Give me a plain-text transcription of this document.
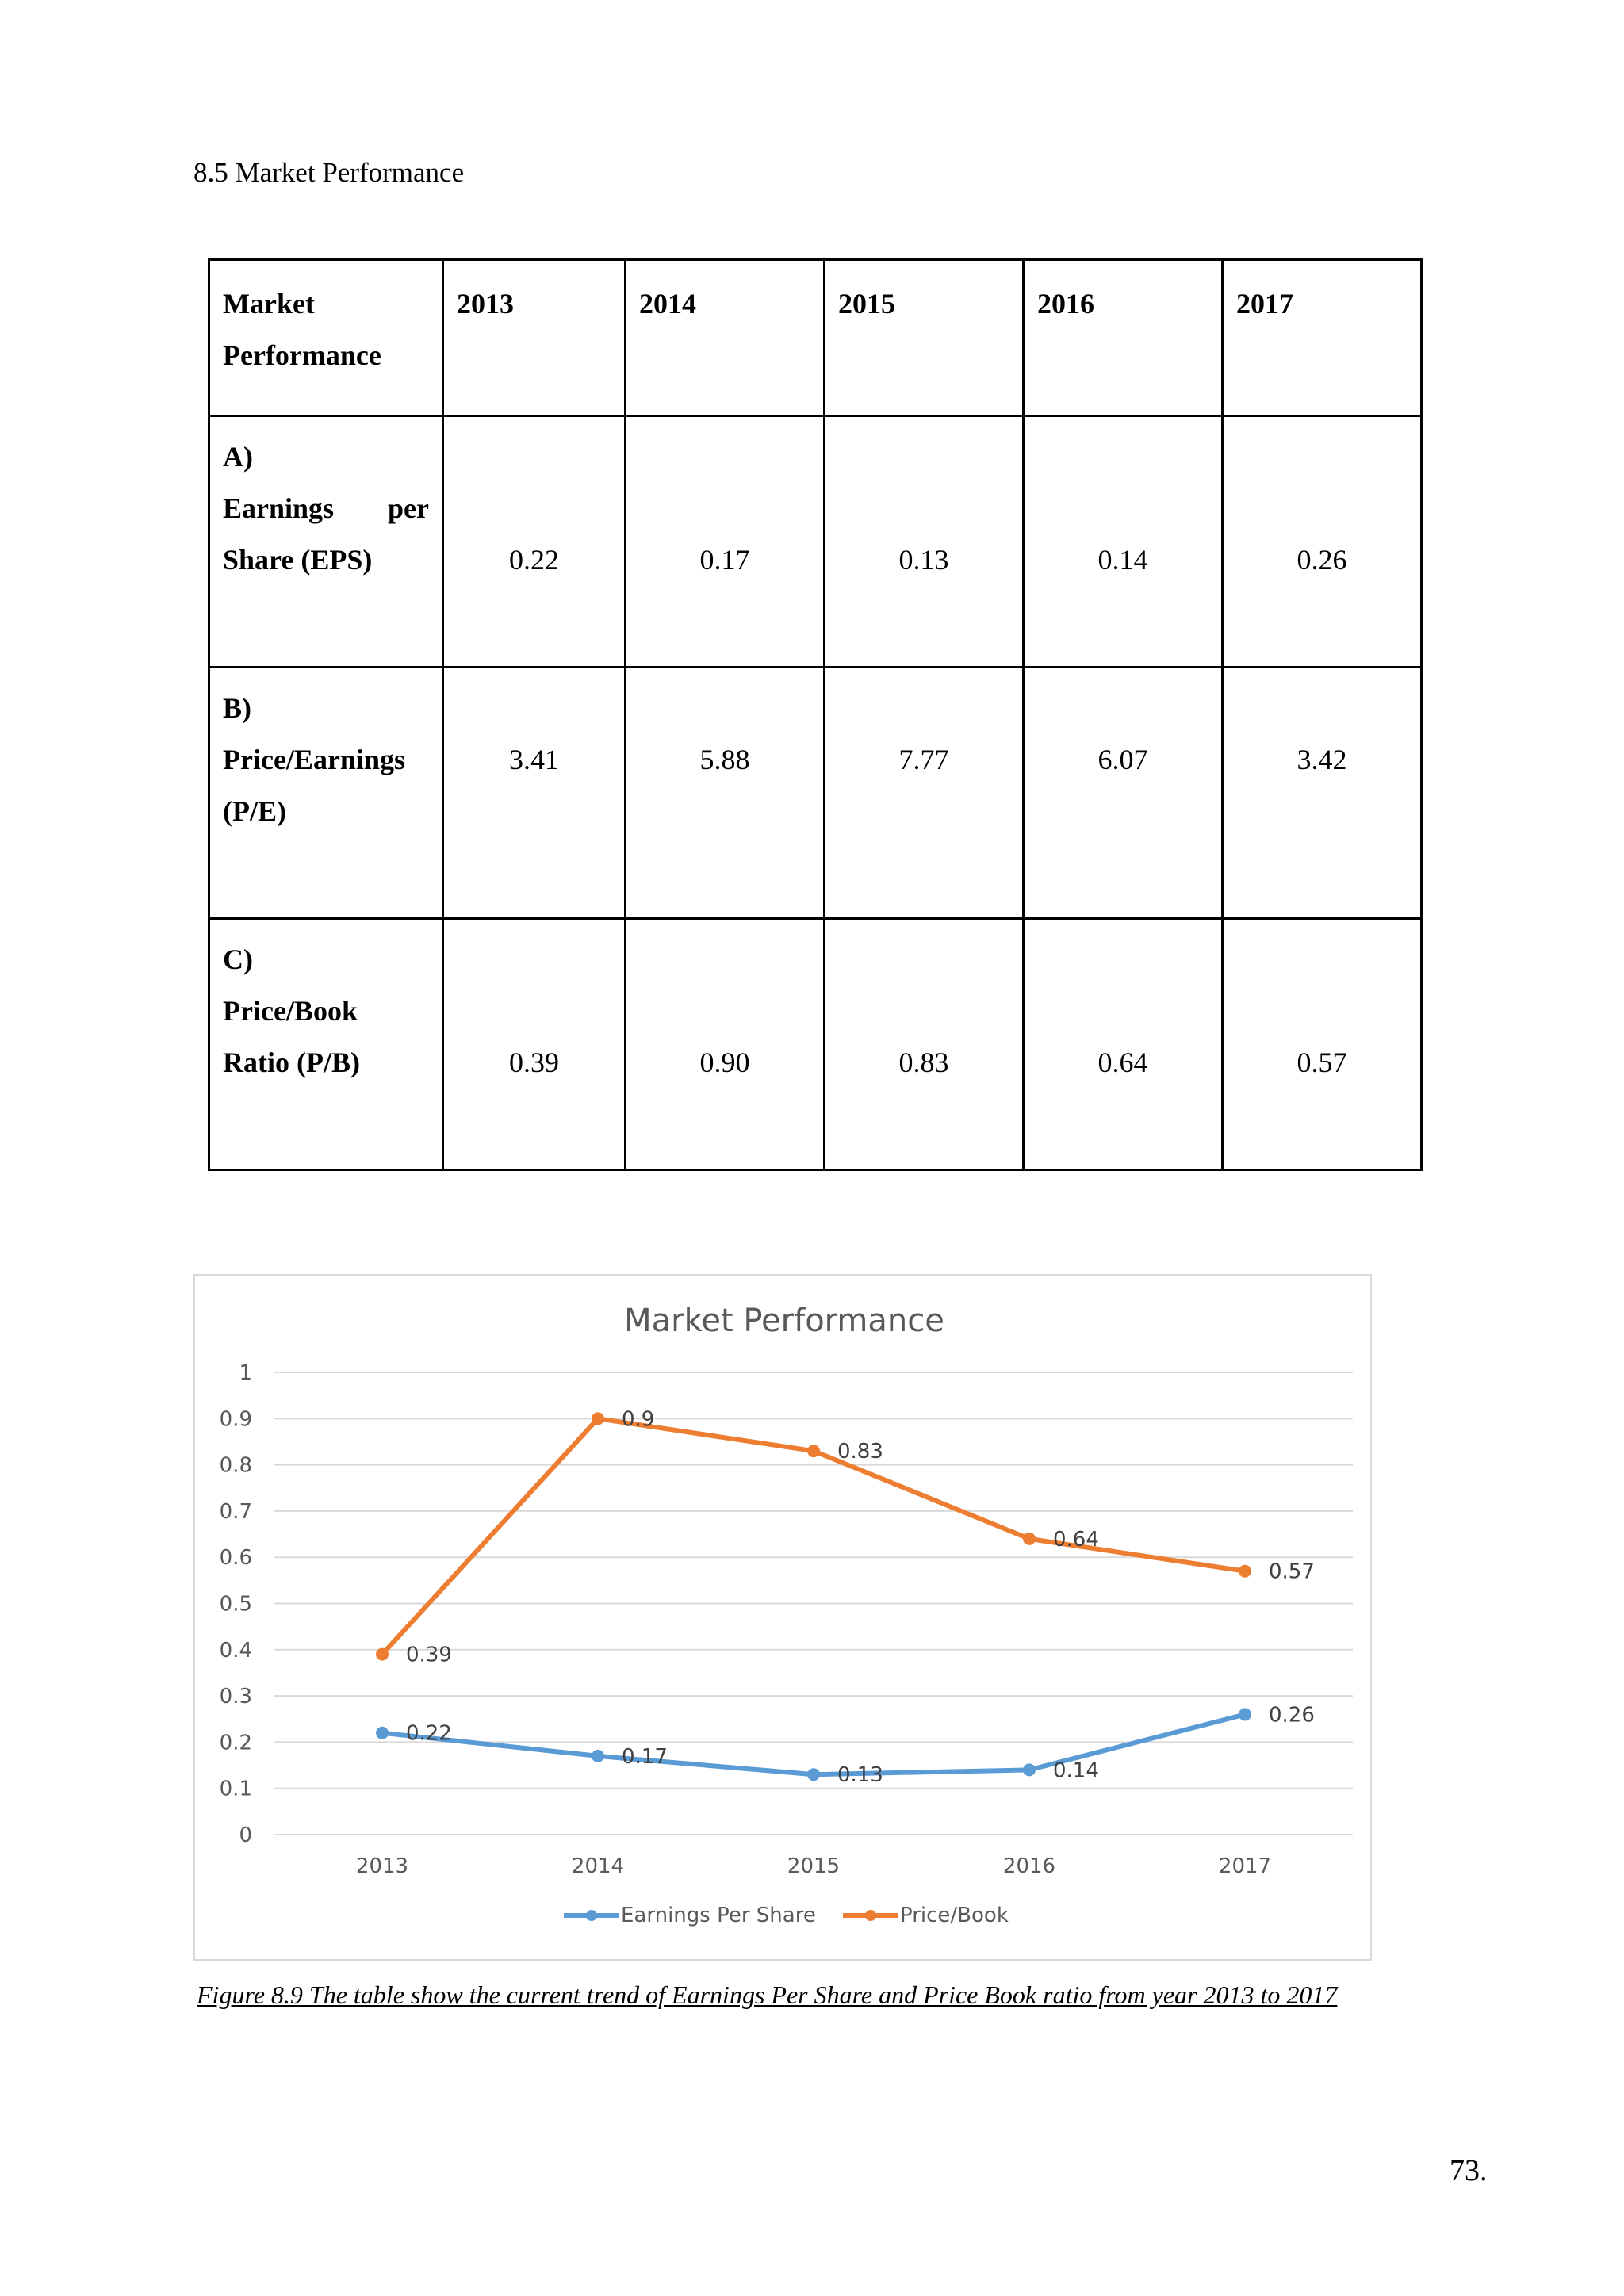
8.5 Market Performance
Market
Performance	2013	2014	2015	2016	2017

A)
Earnings per
Share (EPS)	0.22	0.17	0.13	0.14	0.26

B)
Price/Earnings
(P/E)	3.41	5.88	7.77	6.07	3.42

C)
Price/Book
Ratio (P/B)	0.39	0.90	0.83	0.64	0.57
Market Performance
0
0.1
0.2
0.3
0.4
0.5
0.6
0.7
0.8
0.9
1
2013	2014	2015	2016	2017
0.22
0.17
0.13	0.14
0.26
0.39
0.9
0.83
0.64
0.57
Earnings Per Share	Price/Book
Figure 8.9 The table show the current trend of Earnings Per Share and Price Book ratio from year 2013 to 2017
73.
